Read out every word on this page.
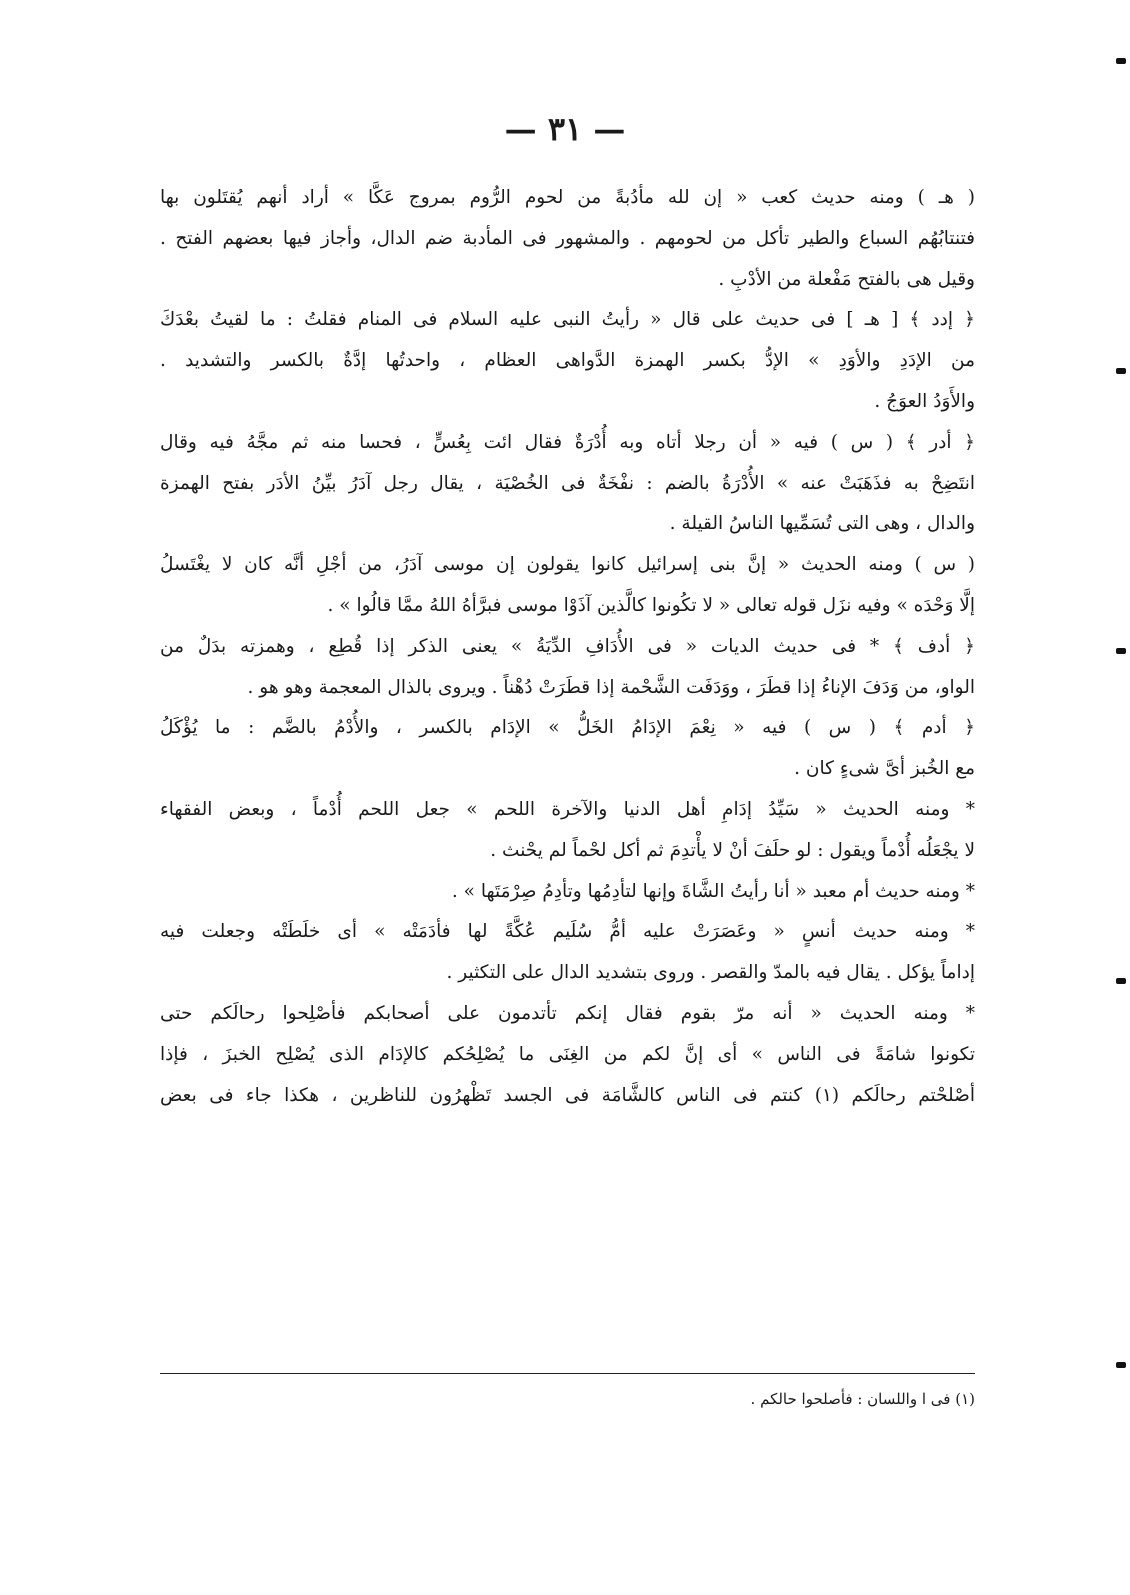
— ٣١ —
( هـ ) ومنه حديث كعب « إن لله مأدُبةً من لحوم الرُّوم بمروج عَكَّا » أراد أنهم يُقتَلون بها
فتنتابُهُم السباع والطير تأكل من لحومهم . والمشهور فى المأدبة ضم الدال، وأجاز فيها بعضهم الفتح .
وقيل هى بالفتح مَفْعلة من الأدْبِ .
﴿ إدد ﴾ [ هـ ] فى حديث على قال « رأيتُ النبى عليه السلام فى المنام فقلتُ : ما لقيتُ بعْدَكَ
من الإدَدِ والأوَدِ » الإدُّ بكسر الهمزة الدَّواهى العظام ، واحدتُها إدَّةٌ بالكسر والتشديد .
والأَوَدُ العوَجُ .
﴿ أدر ﴾ ( س ) فيه « أن رجلا أتاه وبه أُدْرَةٌ فقال ائت بِعُسٍّ ، فحسا منه ثم مجَّهُ فيه وقال
انتَضِحْ به فذَهَبَتْ عنه » الأُدْرَةُ بالضم : نفْخَةٌ فى الخُصْيَة ، يقال رجل آدَرُ بيِّنُ الأدَر بفتح الهمزة
والدال ، وهى التى تُسَمِّيها الناسُ القيلة .
( س ) ومنه الحديث « إنَّ بنى إسرائيل كانوا يقولون إن موسى آدَرُ، من أجْلِ أنَّه كان لا يغْتَسلُ
إلَّا وَحْدَه » وفيه نزَل قوله تعالى « لا تكُونوا كالَّذين آذَوْا موسى فبرَّأهُ اللهُ ممَّا قالُوا » .
﴿ أدف ﴾ * فى حديث الديات « فى الأُدَافِ الدِّيَةُ » يعنى الذكر إذا قُطِع ، وهمزته بدَلٌ من
الواو، من وَدَفَ الإناءُ إذا قطَرَ ، ووَدَفَت الشَّحْمة إذا قطَرَتْ دُهْناً . ويروى بالذال المعجمة وهو هو .
﴿ أدم ﴾ ( س ) فيه « نِعْمَ الإدَامُ الخَلُّ » الإدَام بالكسر ، والأُدْمُ بالضَّم : ما يُؤْكَلُ
مع الخُبز أىَّ شىءٍ كان .
* ومنه الحديث « سَيِّدُ إدَامِ أهل الدنيا والآخرة اللحم » جعل اللحم أُدْماً ، وبعض الفقهاء
لا يجْعَلُه أُدْماً ويقول : لو حلَفَ أنْ لا يأْتدِمَ ثم أكل لحْماً لم يحْنث .
* ومنه حديث أم معبد « أنا رأيتُ الشَّاةَ وإنها لتأدِمُها وتأدِمُ صِرْمَتَها » .
* ومنه حديث أنسٍ « وعَصَرَتْ عليه أمُّ سُلَيم عُكَّةً لها فأدَمَتْه » أى خلَطَتْه وجعلت فيه
إداماً يؤكل . يقال فيه بالمدّ والقصر . وروى بتشديد الدال على التكثير .
* ومنه الحديث « أنه مرّ بقوم فقال إنكم تأتدمون على أصحابكم فأصْلِحوا رحالَكم حتى
تكونوا شامَةً فى الناس » أى إنَّ لكم من الغِنَى ما يُصْلِحُكم كالإدَام الذى يُصْلِح الخبزَ ، فإذا
أصْلحْتم رحالَكم (١) كنتم فى الناس كالشَّامَة فى الجسد تَظْهرُون للناظرين ، هكذا جاء فى بعض
(١) فى ا واللسان : فأصلحوا حالكم .
